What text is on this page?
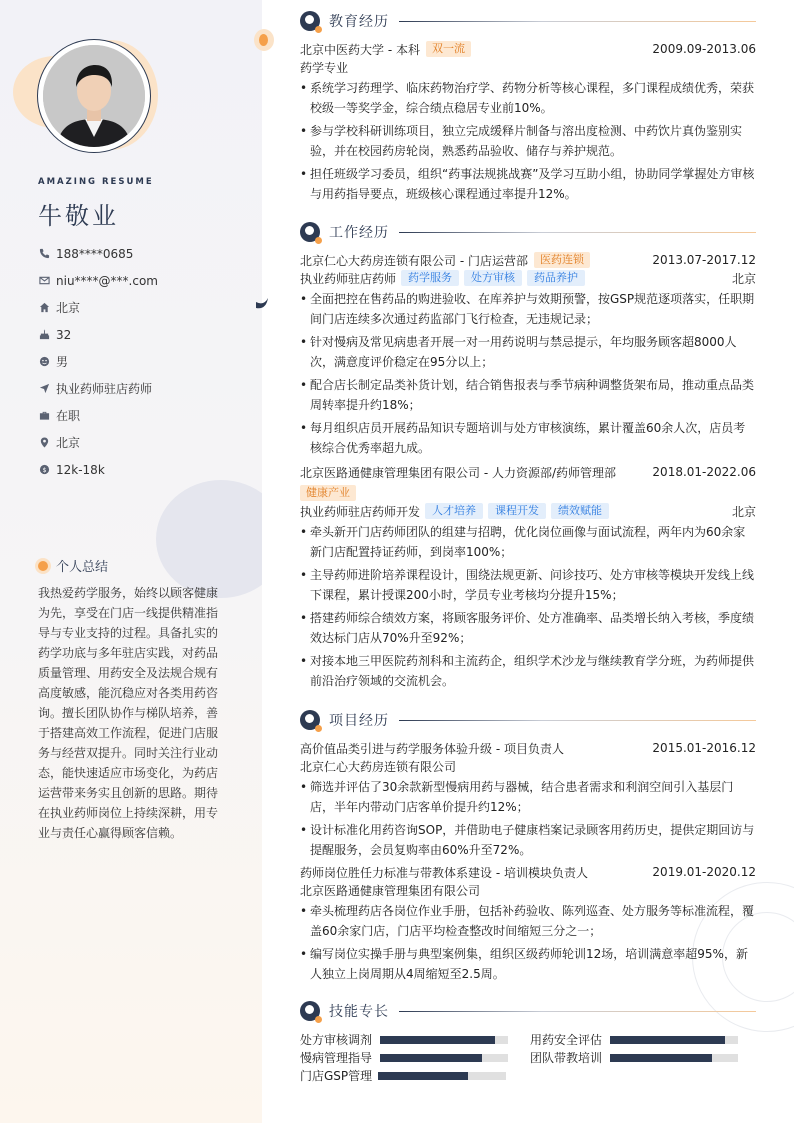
AMAZING RESUME
牛敬业
188****0685
niu****@***.com
北京
32
男
执业药师驻店药师
在职
北京
$ 12k-18k
个人总结
我热爱药学服务，始终以顾客健康为先，享受在门店一线提供精准指导与专业支持的过程。具备扎实的药学功底与多年驻店实践，对药品质量管理、用药安全及法规合规有高度敏感，能沉稳应对各类用药咨询。擅长团队协作与梯队培养，善于搭建高效工作流程，促进门店服务与经营双提升。同时关注行业动态，能快速适应市场变化，为药店运营带来务实且创新的思路。期待在执业药师岗位上持续深耕，用专业与责任心赢得顾客信赖。
教育经历
北京中医药大学 - 本科	双一流	2009.09-2013.06
药学专业
• 系统学习药理学、临床药物治疗学、药物分析等核心课程，多门课程成绩优秀，荣获校级一等奖学金，综合绩点稳居专业前10%。
• 参与学校科研训练项目，独立完成缓释片制备与溶出度检测、中药饮片真伪鉴别实验，并在校园药房轮岗，熟悉药品验收、储存与养护规范。
• 担任班级学习委员，组织“药事法规挑战赛”及学习互助小组，协助同学掌握处方审核与用药指导要点，班级核心课程通过率提升12%。
工作经历
北京仁心大药房连锁有限公司 - 门店运营部	医药连锁	2013.07-2017.12
执业药师驻店药师	药学服务	处方审核	药品养护	北京
• 全面把控在售药品的购进验收、在库养护与效期预警，按GSP规范逐项落实，任职期间门店连续多次通过药监部门飞行检查，无违规记录；
• 针对慢病及常见病患者开展一对一用药说明与禁忌提示，年均服务顾客超8000人次，满意度评价稳定在95分以上；
• 配合店长制定品类补货计划，结合销售报表与季节病种调整货架布局，推动重点品类周转率提升约18%；
• 每月组织店员开展药品知识专题培训与处方审核演练，累计覆盖60余人次，店员考核综合优秀率超九成。
北京医路通健康管理集团有限公司 - 人力资源部/药师管理部	2018.01-2022.06
健康产业
执业药师驻店药师开发	人才培养	课程开发	绩效赋能	北京
• 牵头新开门店药师团队的组建与招聘，优化岗位画像与面试流程，两年内为60余家新门店配置持证药师，到岗率100%；
• 主导药师进阶培养课程设计，围绕法规更新、问诊技巧、处方审核等模块开发线上线下课程，累计授课200小时，学员专业考核均分提升15%；
• 搭建药师综合绩效方案，将顾客服务评价、处方准确率、品类增长纳入考核，季度绩效达标门店从70%升至92%；
• 对接本地三甲医院药剂科和主流药企，组织学术沙龙与继续教育学分班，为药师提供前沿治疗领域的交流机会。
项目经历
高价值品类引进与药学服务体验升级 - 项目负责人	2015.01-2016.12
北京仁心大药房连锁有限公司
• 筛选并评估了30余款新型慢病用药与器械，结合患者需求和利润空间引入基层门店，半年内带动门店客单价提升约12%；
• 设计标准化用药咨询SOP，并借助电子健康档案记录顾客用药历史，提供定期回访与提醒服务，会员复购率由60%升至72%。
药师岗位胜任力标准与带教体系建设 - 培训模块负责人	2019.01-2020.12
北京医路通健康管理集团有限公司
• 牵头梳理药店各岗位作业手册，包括补药验收、陈列巡查、处方服务等标准流程，覆盖60余家门店，门店平均检查整改时间缩短三分之一；
• 编写岗位实操手册与典型案例集，组织区级药师轮训12场，培训满意率超95%，新人独立上岗周期从4周缩短至2.5周。
技能专长
处方审核调剂	用药安全评估
慢病管理指导	团队带教培训
门店GSP管理
